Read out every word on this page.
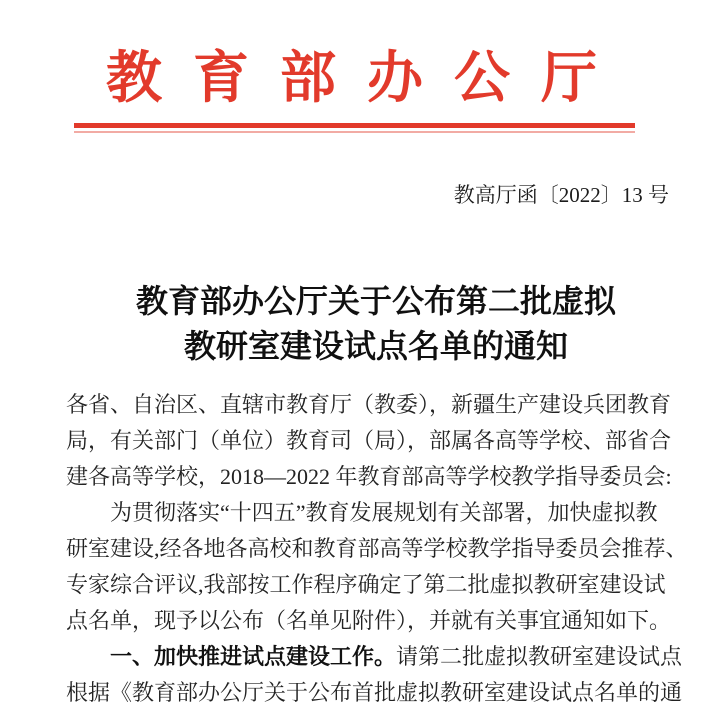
教育部办公厅
教高厅函〔2022〕13 号
教育部办公厅关于公布第二批虚拟
教研室建设试点名单的通知

各省、自治区、直辖市教育厅（教委），新疆生产建设兵团教育

局，有关部门（单位）教育司（局），部属各高等学校、部省合

建各高等学校，2018—2022 年教育部高等学校教学指导委员会:

为贯彻落实“十四五”教育发展规划有关部署，加快虚拟教

研室建设,经各地各高校和教育部高等学校教学指导委员会推荐、

专家综合评议,我部按工作程序确定了第二批虚拟教研室建设试

点名单，现予以公布（名单见附件），并就有关事宜通知如下。

一、加快推进试点建设工作。请第二批虚拟教研室建设试点

根据《教育部办公厅关于公布首批虚拟教研室建设试点名单的通
